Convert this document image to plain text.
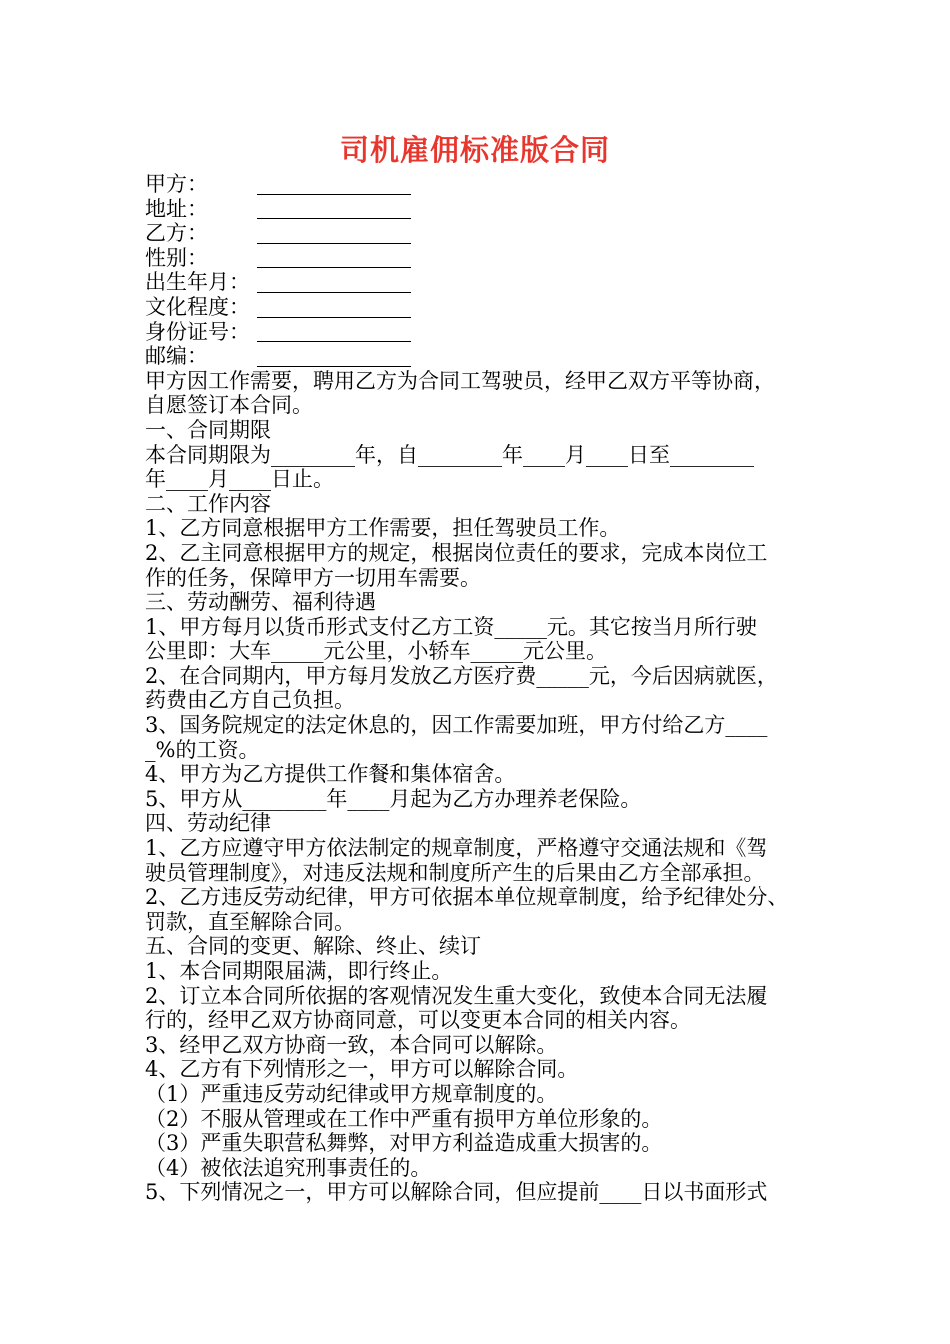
司机雇佣标准版合同
甲方：
地址：
乙方：
性别：
出生年月：
文化程度：
身份证号：
邮编：
甲方因工作需要，聘用乙方为合同工驾驶员，经甲乙双方平等协商，
自愿签订本合同。
一、合同期限
本合同期限为________年，自________年____月____日至________
年____月____日止。
二、工作内容
1、乙方同意根据甲方工作需要，担任驾驶员工作。
2、乙主同意根据甲方的规定，根据岗位责任的要求，完成本岗位工
作的任务，保障甲方一切用车需要。
三、劳动酬劳、福利待遇
1、甲方每月以货币形式支付乙方工资_____元。其它按当月所行驶
公里即：大车_____元公里，小轿车_____元公里。
2、在合同期内，甲方每月发放乙方医疗费_____元，今后因病就医，
药费由乙方自己负担。
3、国务院规定的法定休息的，因工作需要加班，甲方付给乙方____
_%的工资。
4、甲方为乙方提供工作餐和集体宿舍。
5、甲方从________年____月起为乙方办理养老保险。
四、劳动纪律
1、乙方应遵守甲方依法制定的规章制度，严格遵守交通法规和《驾
驶员管理制度》，对违反法规和制度所产生的后果由乙方全部承担。
2、乙方违反劳动纪律，甲方可依据本单位规章制度，给予纪律处分、
罚款，直至解除合同。
五、合同的变更、解除、终止、续订
1、本合同期限届满，即行终止。
2、订立本合同所依据的客观情况发生重大变化，致使本合同无法履
行的，经甲乙双方协商同意，可以变更本合同的相关内容。
3、经甲乙双方协商一致，本合同可以解除。
4、乙方有下列情形之一，甲方可以解除合同。
（1）严重违反劳动纪律或甲方规章制度的。
（2）不服从管理或在工作中严重有损甲方单位形象的。
（3）严重失职营私舞弊，对甲方利益造成重大损害的。
（4）被依法追究刑事责任的。
5、下列情况之一，甲方可以解除合同，但应提前____日以书面形式
